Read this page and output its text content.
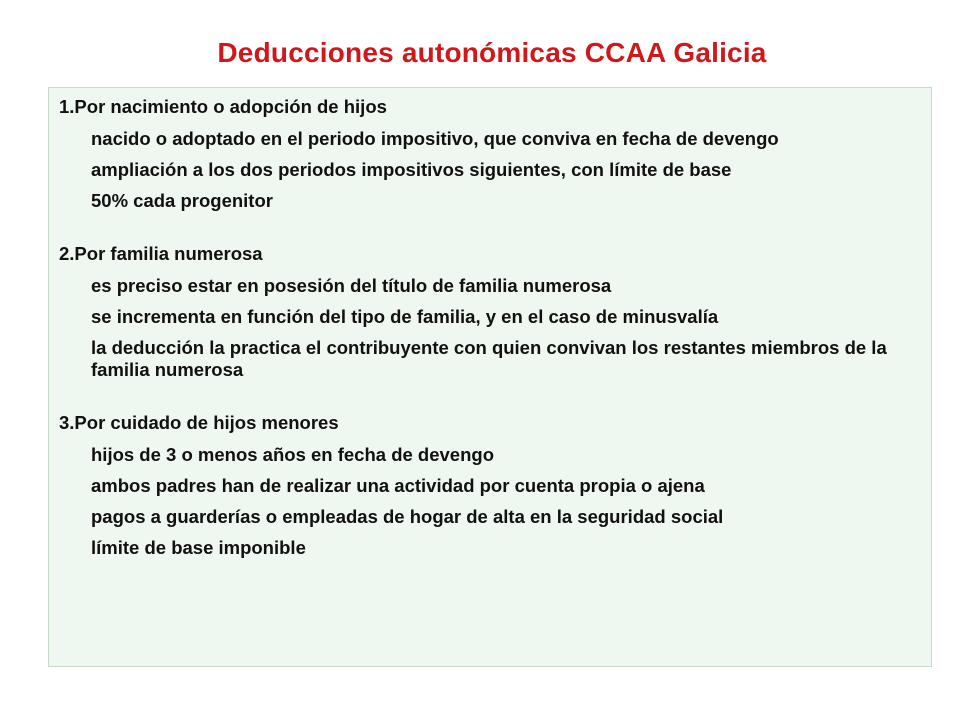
Deducciones autonómicas CCAA Galicia
1.Por nacimiento o adopción de hijos
nacido o adoptado en el periodo impositivo, que conviva en fecha de devengo
ampliación a los dos periodos impositivos siguientes, con límite de base
50% cada progenitor
2.Por familia numerosa
es preciso estar en posesión del título de familia numerosa
se incrementa en función del tipo de familia, y en el caso de minusvalía
la deducción la practica el contribuyente con quien convivan los restantes miembros de la familia numerosa
3.Por cuidado de hijos menores
hijos de 3 o menos años en fecha de devengo
ambos padres han de realizar una actividad por cuenta propia o ajena
pagos a guarderías o empleadas de hogar de alta en la seguridad social
límite de base imponible
